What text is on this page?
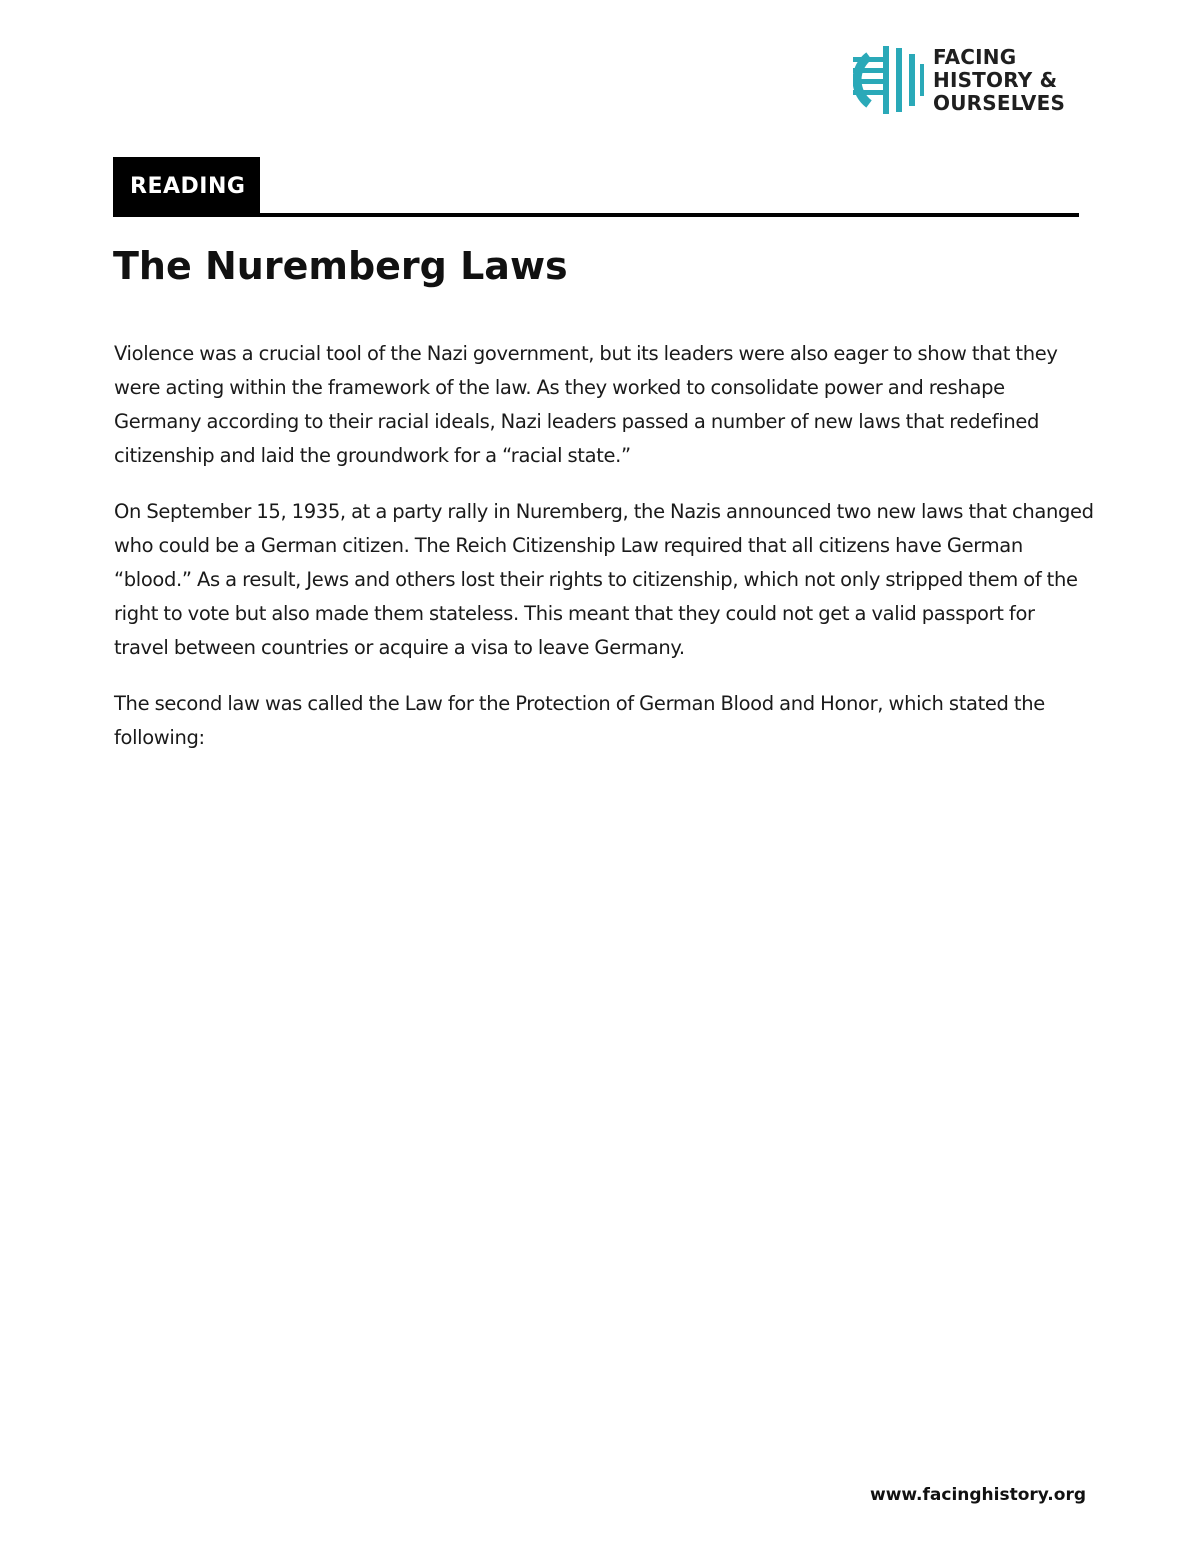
FACING
HISTORY &
OURSELVES
READING
The Nuremberg Laws

Violence was a crucial tool of the Nazi government, but its leaders were also eager to show that they were acting within the framework of the law. As they worked to consolidate power and reshape Germany according to their racial ideals, Nazi leaders passed a number of new laws that redefined citizenship and laid the groundwork for a “racial state.”

On September 15, 1935, at a party rally in Nuremberg, the Nazis announced two new laws that changed who could be a German citizen. The Reich Citizenship Law required that all citizens have German “blood.” As a result, Jews and others lost their rights to citizenship, which not only stripped them of the right to vote but also made them stateless. This meant that they could not get a valid passport for travel between countries or acquire a visa to leave Germany.

The second law was called the Law for the Protection of German Blood and Honor, which stated the following:

www.facinghistory.org
